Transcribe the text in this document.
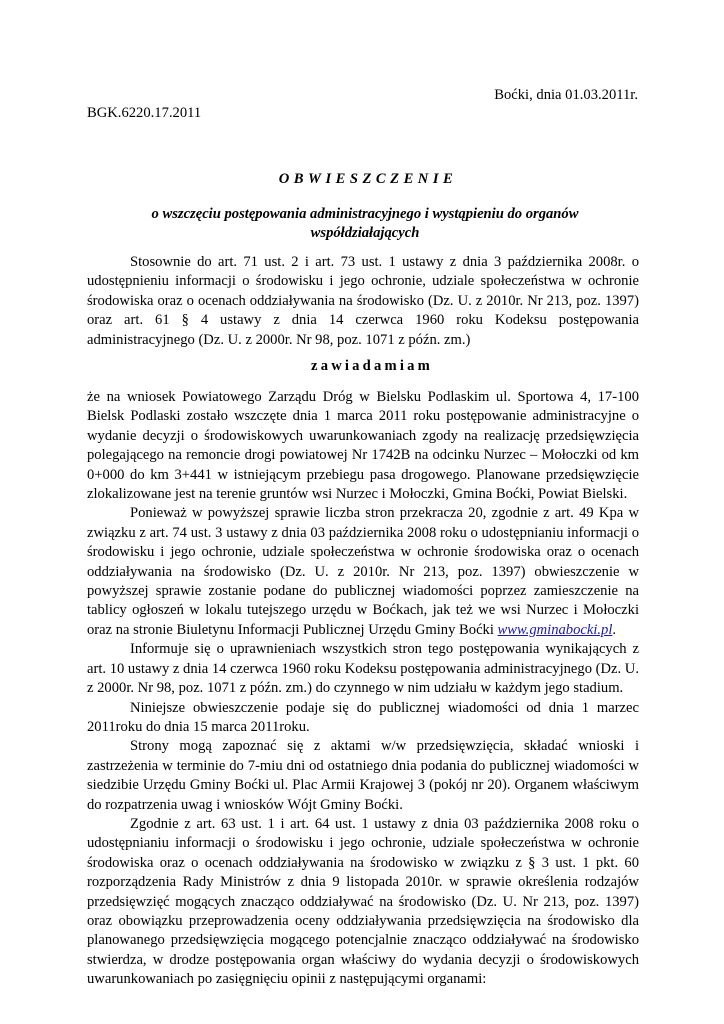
Boćki, dnia 01.03.2011r.
BGK.6220.17.2011
OBWIESZCZENIE
o wszczęciu postępowania administracyjnego i wystąpieniu do organów współdziałających
Stosownie do art. 71 ust. 2 i art. 73 ust. 1 ustawy z dnia 3 października 2008r. o udostępnieniu informacji o środowisku i jego ochronie, udziale społeczeństwa w ochronie środowiska oraz o ocenach oddziaływania na środowisko (Dz. U. z 2010r. Nr 213, poz. 1397) oraz art. 61 § 4 ustawy z dnia 14 czerwca 1960 roku Kodeksu postępowania administracyjnego (Dz. U. z 2000r. Nr 98, poz. 1071 z późn. zm.)
zawiadamiam

że na wniosek Powiatowego Zarządu Dróg w Bielsku Podlaskim ul. Sportowa 4, 17-100 Bielsk Podlaski zostało wszczęte dnia 1 marca 2011 roku postępowanie administracyjne o wydanie decyzji o środowiskowych uwarunkowaniach zgody na realizację przedsięwzięcia polegającego na remoncie drogi powiatowej Nr 1742B na odcinku Nurzec – Mołoczki od km 0+000 do km 3+441 w istniejącym przebiegu pasa drogowego. Planowane przedsięwzięcie zlokalizowane jest na terenie gruntów wsi Nurzec i Mołoczki, Gmina Boćki, Powiat Bielski.

Ponieważ w powyższej sprawie liczba stron przekracza 20, zgodnie z art. 49 Kpa w związku z art. 74 ust. 3 ustawy z dnia 03 października 2008 roku o udostępnianiu informacji o środowisku i jego ochronie, udziale społeczeństwa w ochronie środowiska oraz o ocenach oddziaływania na środowisko (Dz. U. z 2010r. Nr 213, poz. 1397) obwieszczenie w powyższej sprawie zostanie podane do publicznej wiadomości poprzez zamieszczenie na tablicy ogłoszeń w lokalu tutejszego urzędu w Boćkach, jak też we wsi Nurzec i Mołoczki oraz na stronie Biuletynu Informacji Publicznej Urzędu Gminy Boćki www.gminabocki.pl.

Informuje się o uprawnieniach wszystkich stron tego postępowania wynikających z art. 10 ustawy z dnia 14 czerwca 1960 roku Kodeksu postępowania administracyjnego (Dz. U. z 2000r. Nr 98, poz. 1071 z późn. zm.) do czynnego w nim udziału w każdym jego stadium.

Niniejsze obwieszczenie podaje się do publicznej wiadomości od dnia 1 marzec 2011roku do dnia 15 marca 2011roku.

Strony mogą zapoznać się z aktami w/w przedsięwzięcia, składać wnioski i zastrzeżenia w terminie do 7-miu dni od ostatniego dnia podania do publicznej wiadomości w siedzibie Urzędu Gminy Boćki ul. Plac Armii Krajowej 3 (pokój nr 20). Organem właściwym do rozpatrzenia uwag i wniosków Wójt Gminy Boćki.

Zgodnie z art. 63 ust. 1 i art. 64 ust. 1 ustawy z dnia 03 października 2008 roku o udostępnianiu informacji o środowisku i jego ochronie, udziale społeczeństwa w ochronie środowiska oraz o ocenach oddziaływania na środowisko w związku z § 3 ust. 1 pkt. 60 rozporządzenia Rady Ministrów z dnia 9 listopada 2010r. w sprawie określenia rodzajów przedsięwzięć mogących znacząco oddziaływać na środowisko (Dz. U. Nr 213, poz. 1397) oraz obowiązku przeprowadzenia oceny oddziaływania przedsięwzięcia na środowisko dla planowanego przedsięwzięcia mogącego potencjalnie znacząco oddziaływać na środowisko stwierdza, w drodze postępowania organ właściwy do wydania decyzji o środowiskowych uwarunkowaniach po zasięgnięciu opinii z następującymi organami:
